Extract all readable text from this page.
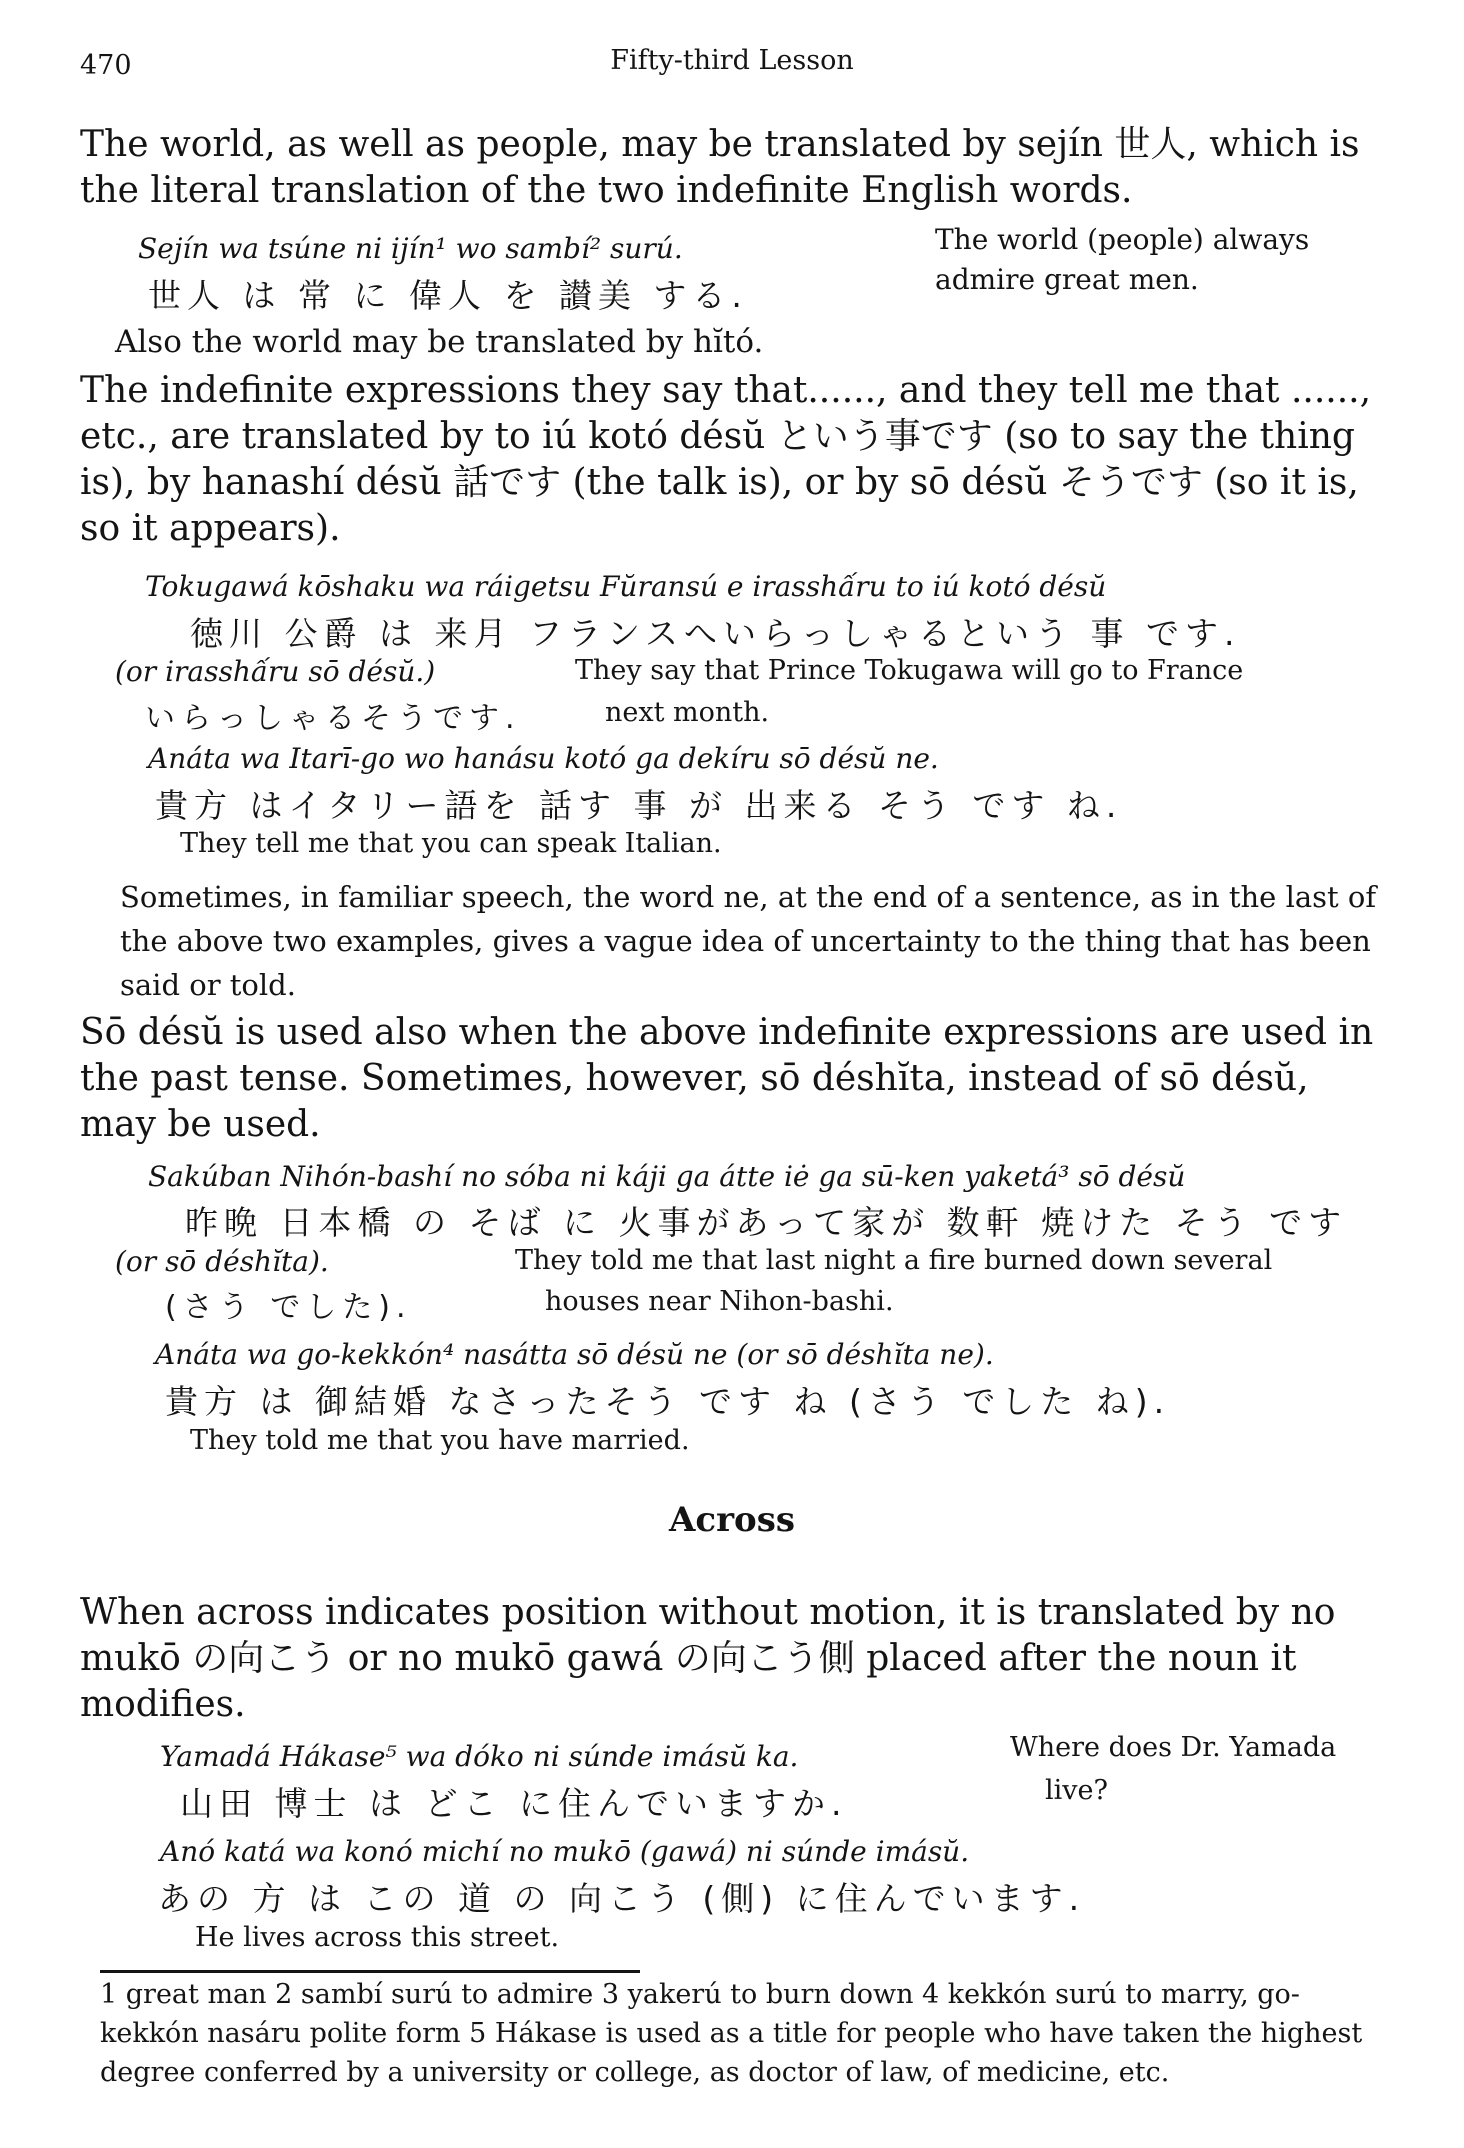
470	Fifty-third Lesson
The world, as well as people, may be translated by sejín 世人, which is the literal translation of the two indefinite English words.
Sejín wa tsúne ni ijín¹ wo sambí² surú.
世人 は 常 に 偉人 を 讃美 する.
The world (people) always admire great men.
Also the world may be translated by hĭtó.
The indefinite expressions they say that......, and they tell me that ......, etc., are translated by to iú kotó désŭ という事です (so to say the thing is), by hanashí désŭ 話です (the talk is), or by sō désŭ そうです (so it is, so it appears).
Tokugawá kōshaku wa ráigetsu Fŭransú e irasshấru to iú kotó désŭ
徳川 公爵 は 来月 フランスへいらっしゃるという 事 です.
(or irasshấru sō désŭ.)	They say that Prince Tokugawa will go to France
いらっしゃるそうです.	next month.
Anáta wa Itarī-go wo hanásu kotó ga dekíru sō désŭ ne.
貴方 はイタリー語を 話す 事 が 出来る そう です ね.
They tell me that you can speak Italian.
Sometimes, in familiar speech, the word ne, at the end of a sentence, as in the last of the above two examples, gives a vague idea of uncertainty to the thing that has been said or told.
Sō désŭ is used also when the above indefinite expressions are used in the past tense. Sometimes, however, sō déshĭta, instead of sō désŭ, may be used.
Sakúban Nihón-bashí no sóba ni káji ga átte iė ga sū-ken yaketá³ sō désŭ
昨晩 日本橋 の そば に 火事があって家が 数軒 焼けた そう です
(or sō déshĭta).	They told me that last night a fire burned down several
(さう でした).	houses near Nihon-bashi.
Anáta wa go-kekkón⁴ nasátta sō désŭ ne (or sō déshĭta ne).
貴方 は 御結婚 なさったそう です ね (さう でした ね).
They told me that you have married.
Across
When across indicates position without motion, it is translated by no mukō の向こう or no mukō gawá の向こう側 placed after the noun it modifies.
Yamadá Hákase⁵ wa dóko ni súnde imásŭ ka.
山田 博士 は どこ に住んでいますか.
Where does Dr. Yamada
live?
Anó katá wa konó michí no mukō (gawá) ni súnde imásŭ.
あの 方 は この 道 の 向こう (側) に住んでいます.
He lives across this street.
1 great man 2 sambí surú to admire 3 yakerú to burn down 4 kekkón surú to marry, go-kekkón nasáru polite form 5 Hákase is used as a title for people who have taken the highest degree conferred by a university or college, as doctor of law, of medicine, etc.
